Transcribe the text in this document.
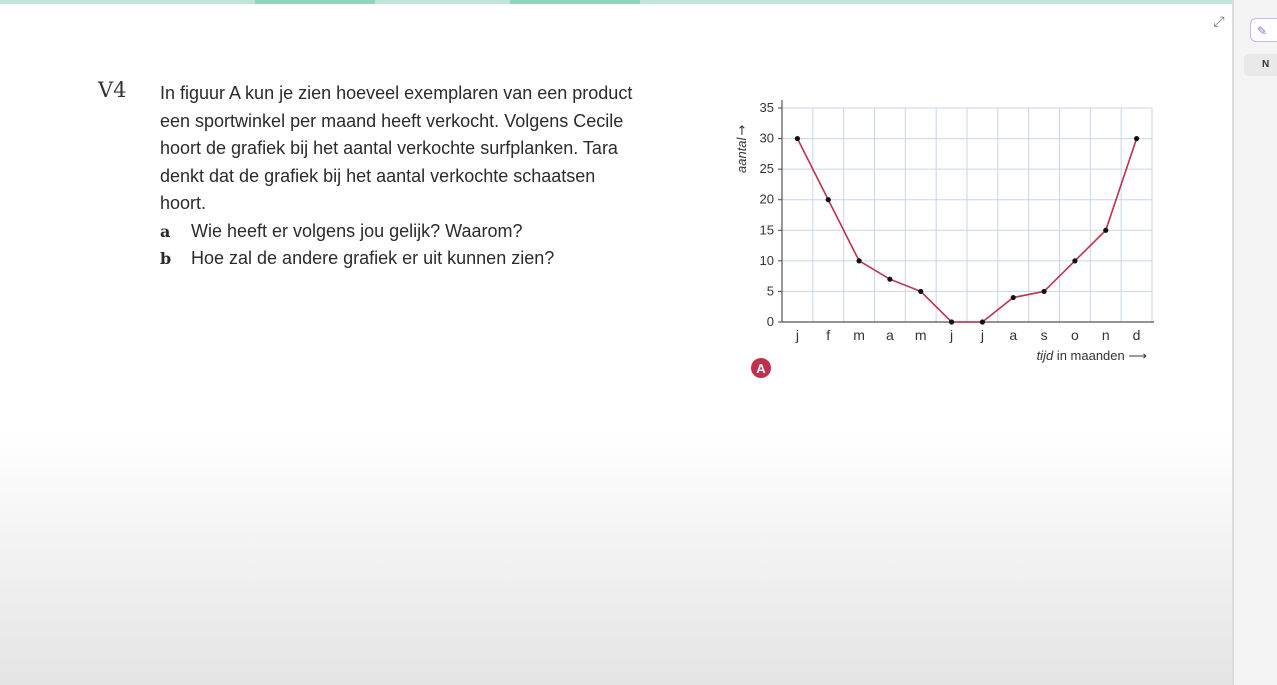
⤢
✎
N
V4 In figuur A kun je zien hoeveel exemplaren van een product

een sportwinkel per maand heeft verkocht. Volgens Cecile

hoort de grafiek bij het aantal verkochte surfplanken. Tara

denkt dat de grafiek bij het aantal verkochte schaatsen

hoort.

a	Wie heeft er volgens jou gelijk? Waarom?
b	Hoe zal de andere grafiek er uit kunnen zien?
0
5
10
15
20
25
30
35
j f m a m j j a s o n d
aantal
→
tijd in maanden ⟶
A
